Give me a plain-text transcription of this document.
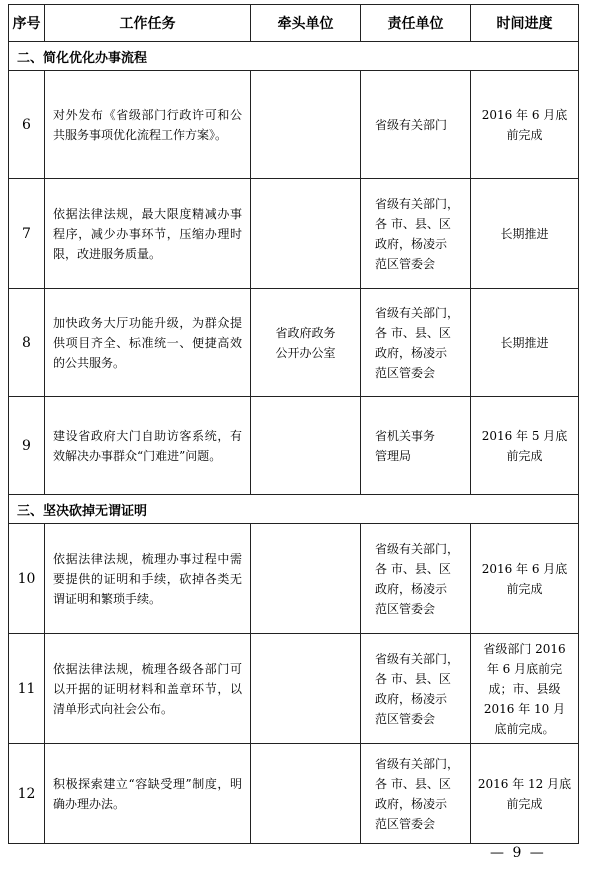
序号	工作任务	牵头单位	责任单位	时间进度
二、简化优化办事流程				
6	对外发布《省级部门行政许可和公共服务事项优化流程工作方案》。		省级有关部门	2016 年 6 月底
前完成
7	依据法律法规，最大限度精减办事程序，减少办事环节，压缩办理时限，改进服务质量。		省级有关部门，
各 市、县、区
政府，杨凌示
范区管委会	长期推进
8	加快政务大厅功能升级，为群众提供项目齐全、标准统一、便捷高效的公共服务。	省政府政务
公开办公室	省级有关部门，
各 市、县、区
政府，杨凌示
范区管委会	长期推进
9	建设省政府大门自助访客系统，有效解决办事群众“门难进”问题。		省机关事务
管理局	2016 年 5 月底
前完成
三、坚决砍掉无谓证明				
10	依据法律法规，梳理办事过程中需要提供的证明和手续，砍掉各类无谓证明和繁琐手续。		省级有关部门，
各 市、县、区
政府，杨凌示
范区管委会	2016 年 6 月底
前完成
11	依据法律法规，梳理各级各部门可以开据的证明材料和盖章环节，以清单形式向社会公布。		省级有关部门，
各 市、县、区
政府，杨凌示
范区管委会	省级部门 2016
年 6 月底前完
成；市、县级
2016 年 10 月
底前完成。
12	积极探索建立“容缺受理”制度，明确办理办法。		省级有关部门，
各 市、县、区
政府，杨凌示
范区管委会	2016 年 12 月底
前完成
— 9 —
